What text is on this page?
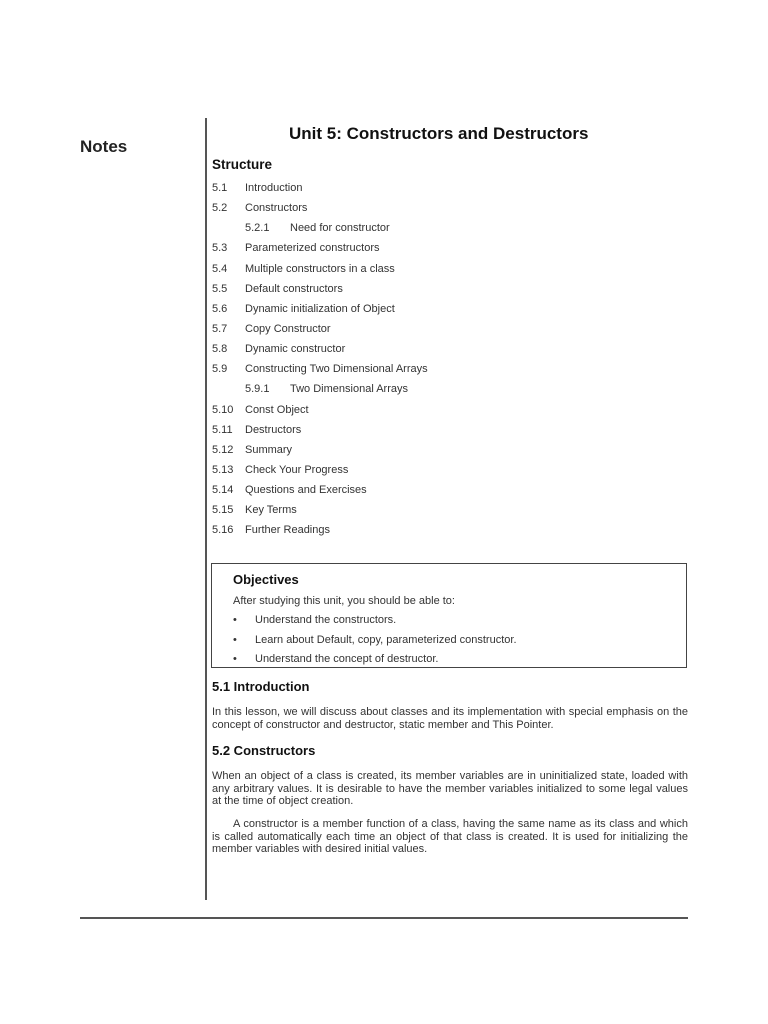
Notes
Unit 5: Constructors and Destructors
Structure
5.1 Introduction
5.2 Constructors
5.2.1 Need for constructor
5.3 Parameterized constructors
5.4 Multiple constructors in a class
5.5 Default constructors
5.6 Dynamic initialization of Object
5.7 Copy Constructor
5.8 Dynamic constructor
5.9 Constructing Two Dimensional Arrays
5.9.1 Two Dimensional Arrays
5.10 Const Object
5.11 Destructors
5.12 Summary
5.13 Check Your Progress
5.14 Questions and Exercises
5.15 Key Terms
5.16 Further Readings
Objectives
After studying this unit, you should be able to:
• Understand the constructors.
• Learn about Default, copy, parameterized constructor.
• Understand the concept of destructor.
5.1 Introduction

In this lesson, we will discuss about classes and its implementation with special emphasis on the concept of constructor and destructor, static member and This Pointer.

5.2 Constructors

When an object of a class is created, its member variables are in uninitialized state, loaded with any arbitrary values. It is desirable to have the member variables initialized to some legal values at the time of object creation.

A constructor is a member function of a class, having the same name as its class and which is called automatically each time an object of that class is created. It is used for initializing the member variables with desired initial values.
